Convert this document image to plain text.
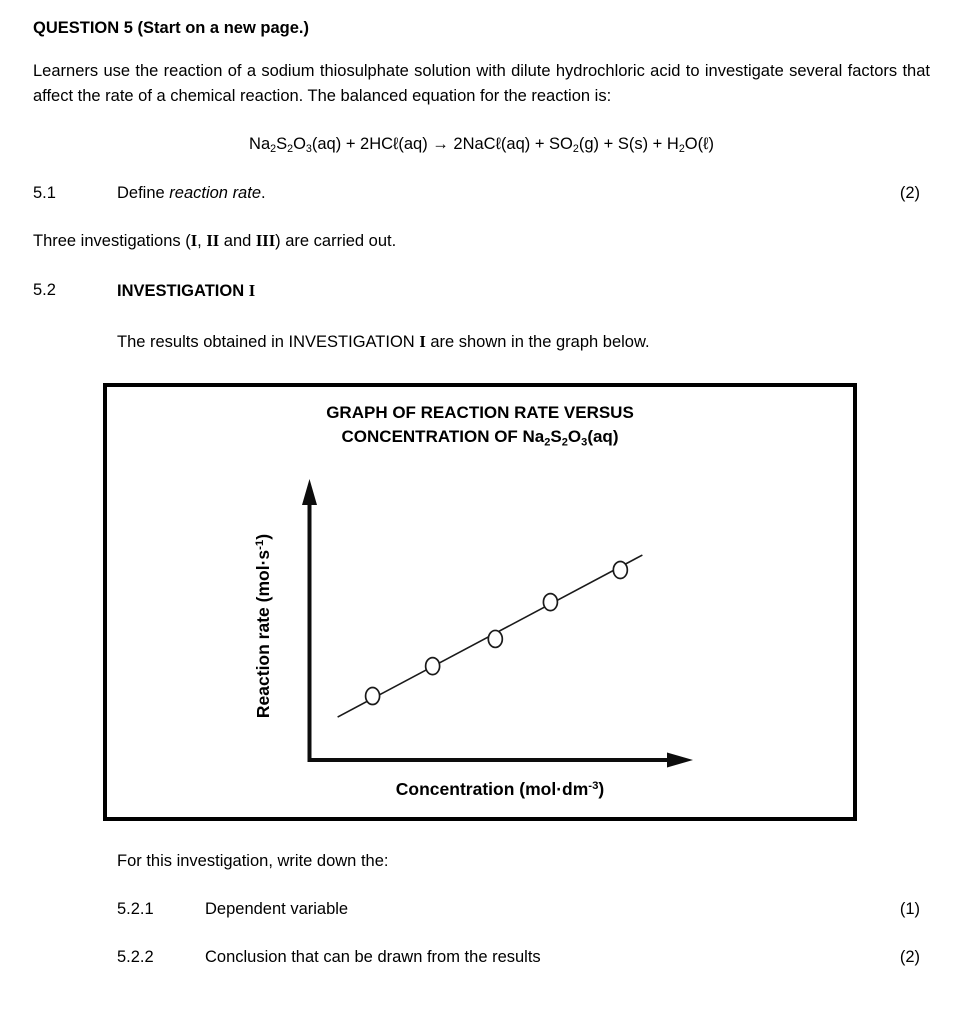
QUESTION 5 (Start on a new page.)

Learners use the reaction of a sodium thiosulphate solution with dilute hydrochloric acid to investigate several factors that affect the rate of a chemical reaction. The balanced equation for the reaction is:

$Na_2S_2O_3(aq)$ + 2HCℓ(aq) → 2NaCℓ(aq) + $SO_2(g) + S(s)$ + $H_2O(\ell)$
5.1	Define reaction rate.	(2)
Three investigations (I, II and III) are carried out.
5.2	INVESTIGATION I
The results obtained in INVESTIGATION I are shown in the graph below.
GRAPH OF REACTION RATE VERSUS
CONCENTRATION OF $Na_2S_2O_3(aq)$
Reaction rate $(mol\cdot s^{-1})$
Concentration $(mol\cdot dm^{-3})$
For this investigation, write down the:
5.2.1	Dependent variable	(1)
5.2.2	Conclusion that can be drawn from the results	(2)
